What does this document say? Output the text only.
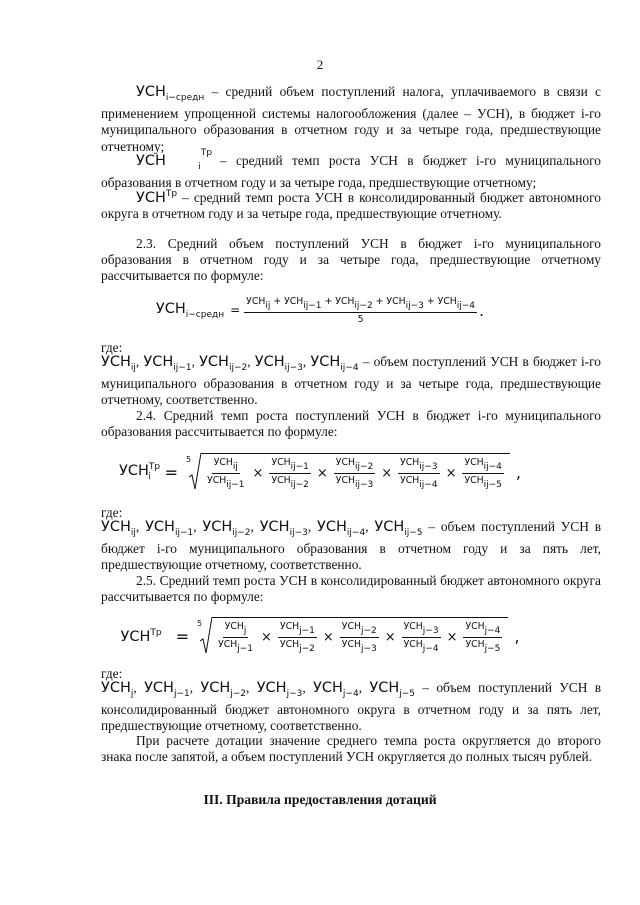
2
$УСН_{i-средн}$ – средний объем поступлений налога, уплачиваемого в связи с применением упрощенной системы налогообложения (далее – УСН), в бюджет i-го муниципального образования в отчетном году и за четыре года, предшествующие отчетному;
$УСН^{Тр}_i$ – средний темп роста УСН в бюджет i-го муниципального образования в отчетном году и за четыре года, предшествующие отчетному;
$УСН^{Тр}$ – средний темп роста УСН в консолидированный бюджет автономного округа в отчетном году и за четыре года, предшествующие отчетному.
2.3. Средний объем поступлений УСН в бюджет i-го муниципального образования в отчетном году и за четыре года, предшествующие отчетному рассчитывается по формуле:
$УСН_{i-средн}$ =
УСНij + УСНij−1 + УСНij−2 + УСНij−3 + УСНij−4
5	.
где:
$УСН_{ij}$, $УСН_{ij-1}$, $УСН_{ij-2}$, $УСН_{ij-3}$, $УСН_{ij-4}$ – объем поступлений УСН в бюджет i-го муниципального образования в отчетном году и за четыре года, предшествующие отчетному, соответственно.
2.4. Средний темп роста поступлений УСН в бюджет i-го муниципального образования рассчитывается по формуле:
$УСН^{Тр}_i$ =
$5 \frac{\text{УСНij}}{\text{УСНij−1}} \times \frac{\text{УСНij−1}}{\text{УСНij−2}} \times \frac{\text{УСНij−2}}{\text{УСНij−3}} \times \frac{\text{УСНij−3}}{\text{УСНij−4}} \times \frac{\text{УСНij−4}}{\text{УСНij−5}}$ ,
где:
$УСН_{ij}$, $УСН_{ij-1}$, $УСН_{ij-2}$, $УСН_{ij-3}$, $УСН_{ij-4}$, $УСН_{ij-5}$ – объем поступлений УСН в бюджет i-го муниципального образования в отчетном году и за пять лет, предшествующие отчетному, соответственно.
2.5. Средний темп роста УСН в консолидированный бюджет автономного округа рассчитывается по формуле:
$УСН^{Тр}$ =
$5 \frac{\text{УСНj}}{\text{УСНj−1}} \times \frac{\text{УСНj−1}}{\text{УСНj−2}} \times \frac{\text{УСНj−2}}{\text{УСНj−3}} \times \frac{\text{УСНj−3}}{\text{УСНj−4}} \times \frac{\text{УСНj−4}}{\text{УСНj−5}}$ ,
где:
$УСН_j$, $УСН_{j-1}$, $УСН_{j-2}$, $УСН_{j-3}$, $УСН_{j-4}$, $УСН_{j-5}$ – объем поступлений УСН в консолидированный бюджет автономного округа в отчетном году и за пять лет, предшествующие отчетному, соответственно.
При расчете дотации значение среднего темпа роста округляется до второго знака после запятой, а объем поступлений УСН округляется до полных тысяч рублей.
III. Правила предоставления дотаций
